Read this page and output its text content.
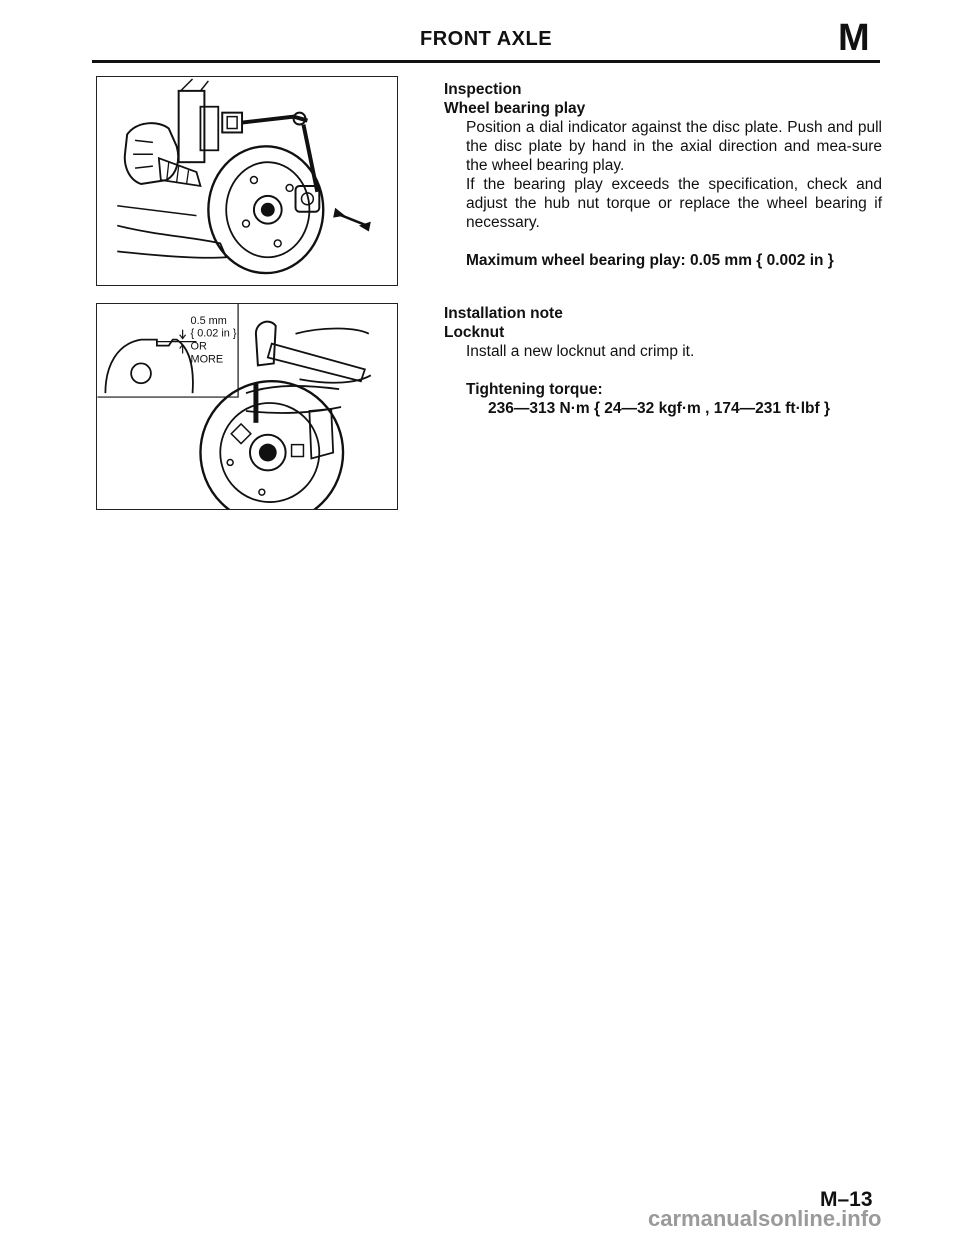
FRONT AXLE	M
0.5 mm
{ 0.02 in }
OR
MORE
Inspection
Wheel bearing play
Position a dial indicator against the disc plate. Push and pull the disc plate by hand in the axial direction and mea-sure the wheel bearing play.
If the bearing play exceeds the specification, check and adjust the hub nut torque or replace the wheel bearing if necessary.
Maximum wheel bearing play: 0.05 mm { 0.002 in }
Installation note
Locknut
Install a new locknut and crimp it.
Tightening torque:
236—313 N·m { 24—32 kgf·m , 174—231 ft·lbf }
M–13
carmanualsonline.info
